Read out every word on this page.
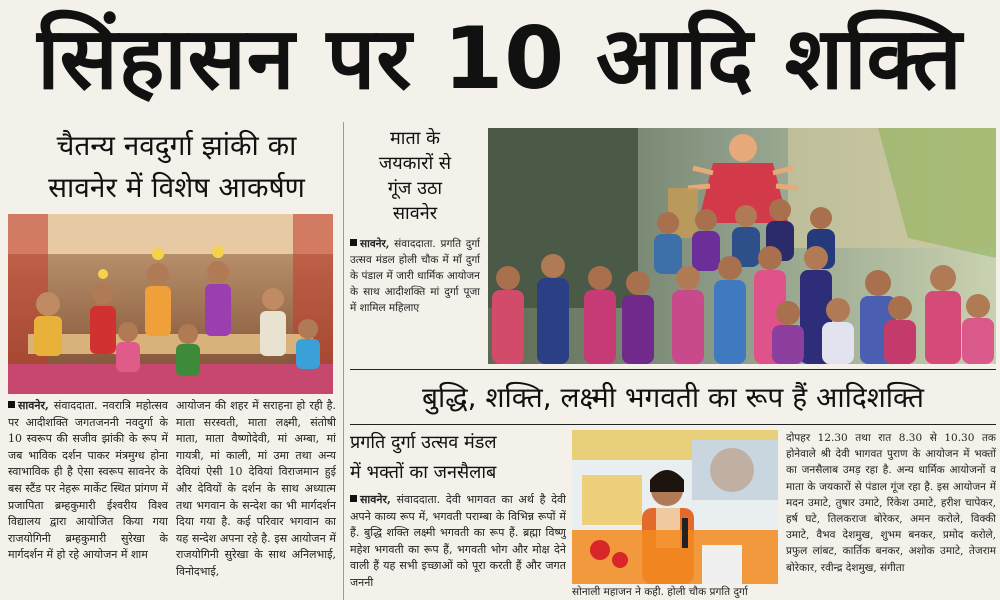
सिंहासन पर 10 आदि शक्ति
चैतन्य नवदुर्गा झांकी का
सावनेर में विशेष आकर्षण
सावनेर, संवाददाता. नवरात्रि महोत्सव पर आदीशक्ति जगतजननी नवदुर्गा के 10 स्वरूप की सजीव झांकी के रूप में जब भाविक दर्शन पाकर मंत्रमुग्ध होना स्वाभाविक ही है ऐसा स्वरूप सावनेर के बस स्टैंड पर नेहरू मार्केट स्थित प्रांगण में प्रजापिता ब्रम्हकुमारी ईश्वरीय विश्व विद्यालय द्वारा आयोजित किया गया राजयोगिनी ब्रम्हकुमारी सुरेखा के मार्गदर्शन में हो रहे आयोजन में शाम
आयोजन की शहर में सराहना हो रही है. माता सरस्वती, माता लक्ष्मी, संतोषी माता, माता वैष्णोदेवी, मां अम्बा, मां गायत्री, मां काली, मां उमा तथा अन्य देवियां ऐसी 10 देवियां विराजमान हुई और देवियों के दर्शन के साथ अध्यात्म तथा भगवान के सन्देश का भी मार्गदर्शन दिया गया है. कई परिवार भगवान का यह सन्देश अपना रहे है. इस आयोजन में राजयोगिनी सुरेखा के साथ अनिलभाई, विनोदभाई,
माता के
जयकारों से
गूंज उठा
सावनेर
सावनेर, संवाददाता. प्रगति दुर्गा उत्सव मंडल होली चौक में माँ दुर्गा के पंडाल में जारी धार्मिक आयोजन के साथ आदीशक्ति मां दुर्गा पूजा में शामिल महिलाए
बुद्धि, शक्ति, लक्ष्मी भगवती का रूप हैं आदिशक्ति
प्रगति दुर्गा उत्सव मंडल
में भक्तों का जनसैलाब
सावनेर, संवाददाता. देवी भागवत का अर्थ है देवी अपने काव्य रूप में, भगवती पराम्बा के विभिन्न रूपों में हैं. बुद्धि शक्ति लक्ष्मी भगवती का रूप हैं. ब्रह्मा विष्णु महेश भगवती का रूप हैं, भगवती भोग और मोक्ष देने वाली हैं यह सभी इच्छाओं को पूरा करती हैं और जगत जननी
सोनाली महाजन ने कही. होली चौक प्रगति दुर्गा
दोपहर 12.30 तथा रात 8.30 से 10.30 तक होनेवाले श्री देवी भागवत पुराण के आयोजन में भक्तों का जनसैलाब उमड़ रहा है. अन्य धार्मिक आयोजनों व माता के जयकारों से पंडाल गूंज रहा है. इस आयोजन में मदन उमाटे, तुषार उमाटे, रिंकेश उमाटे, हरीश चापेकर, हर्ष घटे, तिलकराज बोरेकर, अमन करोले, विक्की उमाटे, वैभव देशमुख, शुभम बनकर, प्रमोद करोले, प्रफुल लांबट, कार्तिक बनकर, अशोक उमाटे, तेजराम बोरेकार, रवीन्द्र देशमुख, संगीता
